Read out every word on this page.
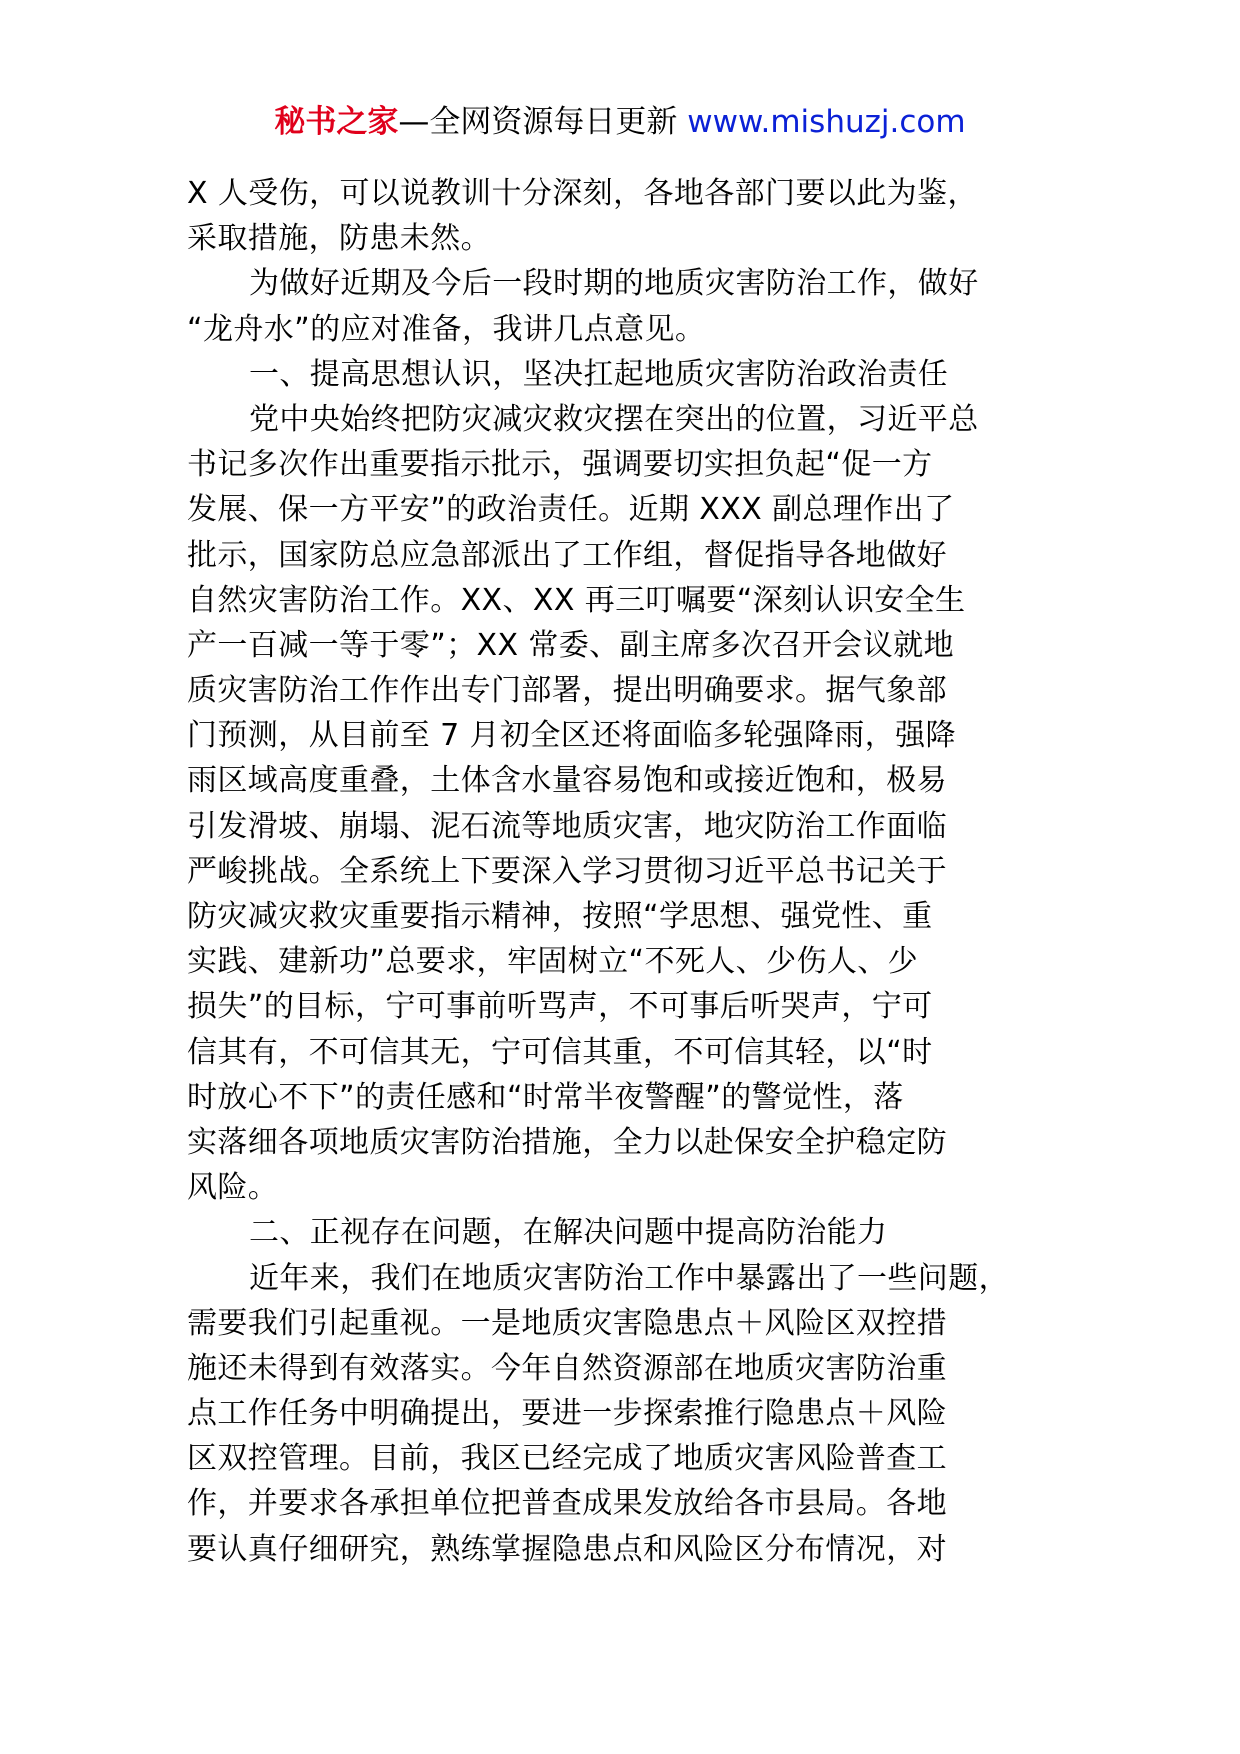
秘书之家—全网资源每日更新 www.mishuzj.com
X 人受伤，可以说教训十分深刻，各地各部门要以此为鉴，
采取措施，防患未然。
为做好近期及今后一段时期的地质灾害防治工作，做好
“龙舟水”的应对准备，我讲几点意见。
一、提高思想认识，坚决扛起地质灾害防治政治责任
党中央始终把防灾减灾救灾摆在突出的位置，习近平总
书记多次作出重要指示批示，强调要切实担负起“促一方
发展、保一方平安”的政治责任。近期 XXX 副总理作出了
批示，国家防总应急部派出了工作组，督促指导各地做好
自然灾害防治工作。XX、XX 再三叮嘱要“深刻认识安全生
产一百减一等于零”；XX 常委、副主席多次召开会议就地
质灾害防治工作作出专门部署，提出明确要求。据气象部
门预测，从目前至 7 月初全区还将面临多轮强降雨，强降
雨区域高度重叠，土体含水量容易饱和或接近饱和，极易
引发滑坡、崩塌、泥石流等地质灾害，地灾防治工作面临
严峻挑战。全系统上下要深入学习贯彻习近平总书记关于
防灾减灾救灾重要指示精神，按照“学思想、强党性、重
实践、建新功”总要求，牢固树立“不死人、少伤人、少
损失”的目标，宁可事前听骂声，不可事后听哭声，宁可
信其有，不可信其无，宁可信其重，不可信其轻，以“时
时放心不下”的责任感和“时常半夜警醒”的警觉性，落
实落细各项地质灾害防治措施，全力以赴保安全护稳定防
风险。
二、正视存在问题，在解决问题中提高防治能力
近年来，我们在地质灾害防治工作中暴露出了一些问题，
需要我们引起重视。一是地质灾害隐患点＋风险区双控措
施还未得到有效落实。今年自然资源部在地质灾害防治重
点工作任务中明确提出，要进一步探索推行隐患点＋风险
区双控管理。目前，我区已经完成了地质灾害风险普查工
作，并要求各承担单位把普查成果发放给各市县局。各地
要认真仔细研究，熟练掌握隐患点和风险区分布情况，对
